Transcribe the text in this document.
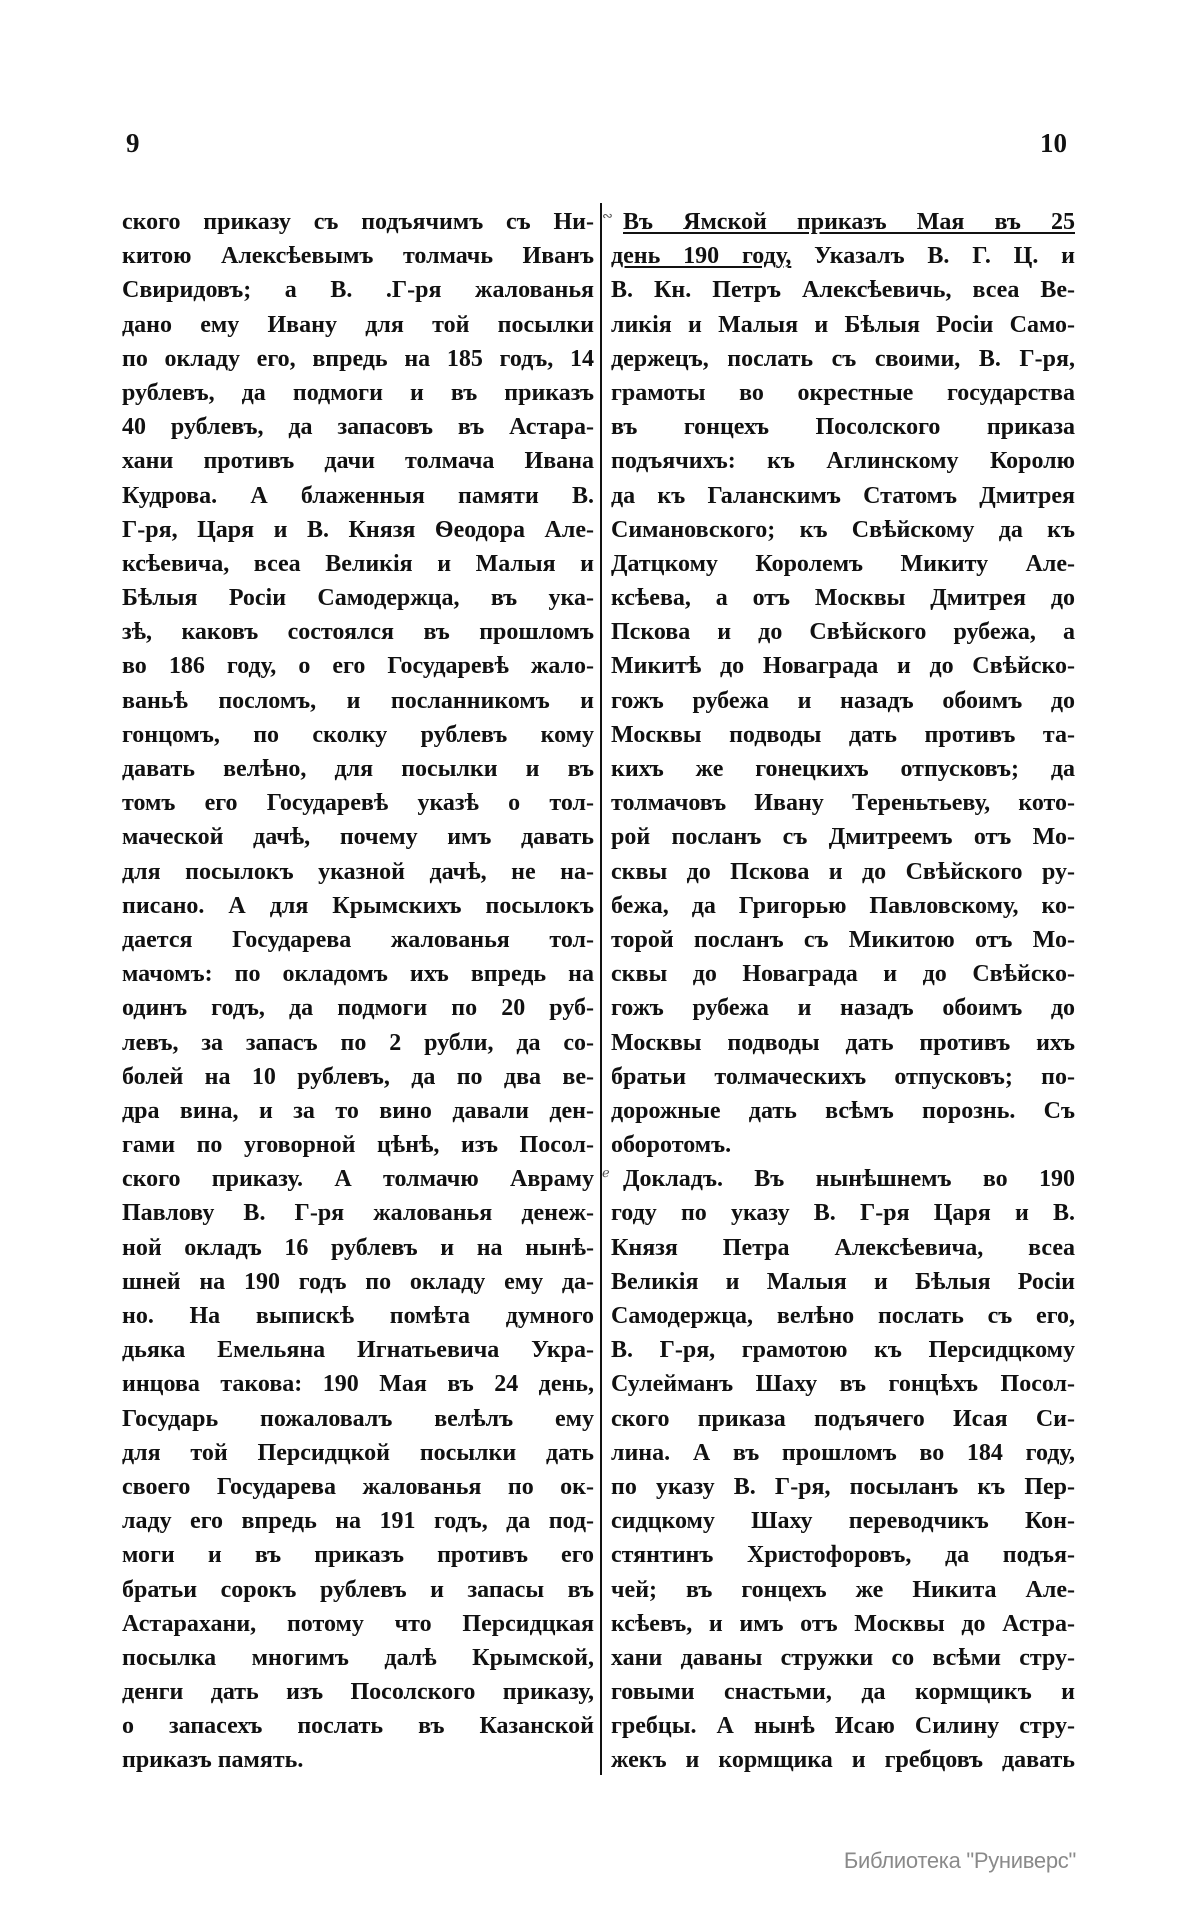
9	10
ского приказу съ подъячимъ съ Ни-
китою Алексѣевымъ толмачь Иванъ
Свиридовъ; а В. .Г-ря жалованья
дано ему Ивану для той посылки
по окладу его, впредь на 185 годъ, 14
рублевъ, да подмоги и въ приказъ
40 рублевъ, да запасовъ въ Астара-
хани противъ дачи толмача Ивана
Кудрова. А блаженныя памяти В.
Г-ря, Царя и В. Князя Ѳеодора Але-
ксѣевича, всеа Великія и Малыя и
Бѣлыя Росіи Самодержца, въ ука-
зѣ, каковъ состоялся въ прошломъ
во 186 году, о его Государевѣ жало-
ваньѣ посломъ, и посланникомъ и
гонцомъ, по сколку рублевъ кому
давать велѣно, для посылки и въ
томъ его Государевѣ указѣ о тол-
мачеcкой дачѣ, почему имъ давать
для посылокъ указной дачѣ, не на-
писано. А для Крымскихъ посылокъ
дается Государева жалованья тол-
мачомъ: по окладомъ ихъ впредь на
одинъ годъ, да подмоги по 20 руб-
левъ, за запасъ по 2 рубли, да со-
болей на 10 рублевъ, да по два ве-
дра вина, и за то вино давали ден-
гами по уговорной цѣнѣ, изъ Посол-
ского приказу. А толмачю Авраму
Павлову В. Г-ря жалованья денеж-
ной окладъ 16 рублевъ и на нынѣ-
шней на 190 годъ по окладу ему да-
но. На выпискѣ помѣта думного
дьяка Емельяна Игнатьевича Укра-
инцова такова: 190 Мая въ 24 день,
Государь пожаловалъ велѣлъ ему
для той Персидцкой посылки дать
своего Государева жалованья по ок-
ладу его впредь на 191 годъ, да под-
моги и въ приказъ противъ его
братьи сорокъ рублевъ и запасы въ
Астарахани, потому что Персидцкая
посылка многимъ далѣ Крымской,
денги дать изъ Посолского приказу,
о запасехъ послать въ Казанской
приказъ память.
∾ Въ Ямской приказъ Мая въ 25
день 190 году, Указалъ В. Г. Ц. и
В. Кн. Петръ Алексѣевичь, всеа Ве-
ликія и Малыя и Бѣлыя Росіи Само-
держецъ, послать съ своими, В. Г-ря,
грамоты во окрестные государства
въ гонцехъ Посолского приказа
подъячихъ: къ Аглинскому Королю
да къ Галанскимъ Статомъ Дмитрея
Симановского; къ Свѣйскому да къ
Датцкому Королемъ Микиту Але-
ксѣева, а отъ Москвы Дмитрея до
Пскова и до Свѣйского рубежа, а
Микитѣ до Новаграда и до Свѣйско-
гожъ рубежа и назадъ обоимъ до
Москвы подводы дать противъ та-
кихъ же гонецкихъ отпусковъ; да
толмачовъ Ивану Тереньтьеву, кото-
рой посланъ съ Дмитреемъ отъ Мо-
сквы до Пскова и до Свѣйского ру-
бежа, да Григорью Павловскому, ко-
торой посланъ съ Микитою отъ Мо-
сквы до Новаграда и до Свѣйско-
гожъ рубежа и назадъ обоимъ до
Москвы подводы дать противъ ихъ
братьи толмаческихъ отпусковъ; по-
дорожные дать всѣмъ порознь. Съ
оборотомъ.
ℯ Докладъ. Въ нынѣшнемъ во 190
году по указу В. Г-ря Царя и В.
Князя Петра Алексѣевича, всеа
Великія и Малыя и Бѣлыя Росіи
Самодержца, велѣно послать съ его,
В. Г-ря, грамотою къ Персидцкому
Сулейманъ Шаху въ гонцѣхъ Посол-
ского приказа подъячего Исая Си-
лина. А въ прошломъ во 184 году,
по указу В. Г-ря, посыланъ къ Пер-
сидцкому Шаху переводчикъ Кон-
стянтинъ Христофоровъ, да подъя-
чей; въ гонцехъ же Никита Але-
ксѣевъ, и имъ отъ Москвы до Астра-
хани даваны стружки со всѣми стру-
говыми снастьми, да кормщикъ и
гребцы. А нынѣ Исаю Силину стру-
жекъ и кормщика и гребцовъ давать
Библиотека "Руниверс"
